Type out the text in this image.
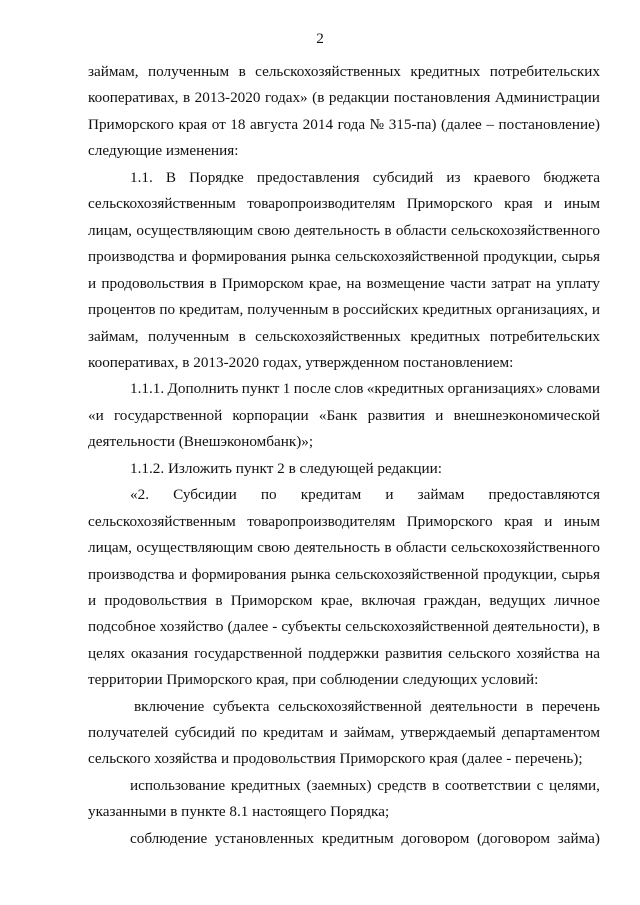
2
займам, полученным в сельскохозяйственных кредитных потребительских
кооперативах, в 2013-2020 годах» (в редакции постановления Администрации
Приморского края от 18 августа 2014 года № 315-па) (далее – постановление)
следующие изменения:
1.1. В Порядке предоставления субсидий из краевого бюджета
сельскохозяйственным товаропроизводителям Приморского края и иным
лицам, осуществляющим свою деятельность в области сельскохозяйственного
производства и формирования рынка сельскохозяйственной продукции, сырья
и продовольствия в Приморском крае, на возмещение части затрат на уплату
процентов по кредитам, полученным в российских кредитных организациях, и
займам, полученным в сельскохозяйственных кредитных потребительских
кооперативах, в 2013-2020 годах, утвержденном постановлением:
1.1.1. Дополнить пункт 1 после слов «кредитных организациях» словами
«и государственной корпорации «Банк развития и внешнеэкономической
деятельности (Внешэкономбанк)»;
1.1.2. Изложить пункт 2 в следующей редакции:
«2. Субсидии по кредитам и займам предоставляются
сельскохозяйственным товаропроизводителям Приморского края и иным
лицам, осуществляющим свою деятельность в области сельскохозяйственного
производства и формирования рынка сельскохозяйственной продукции, сырья
и продовольствия в Приморском крае, включая граждан, ведущих личное
подсобное хозяйство (далее - субъекты сельскохозяйственной деятельности), в
целях оказания государственной поддержки развития сельского хозяйства на
территории Приморского края, при соблюдении следующих условий:
включение субъекта сельскохозяйственной деятельности в перечень
получателей субсидий по кредитам и займам, утверждаемый департаментом
сельского хозяйства и продовольствия Приморского края (далее - перечень);
использование кредитных (заемных) средств в соответствии с целями,
указанными в пункте 8.1 настоящего Порядка;
соблюдение установленных кредитным договором (договором займа)
